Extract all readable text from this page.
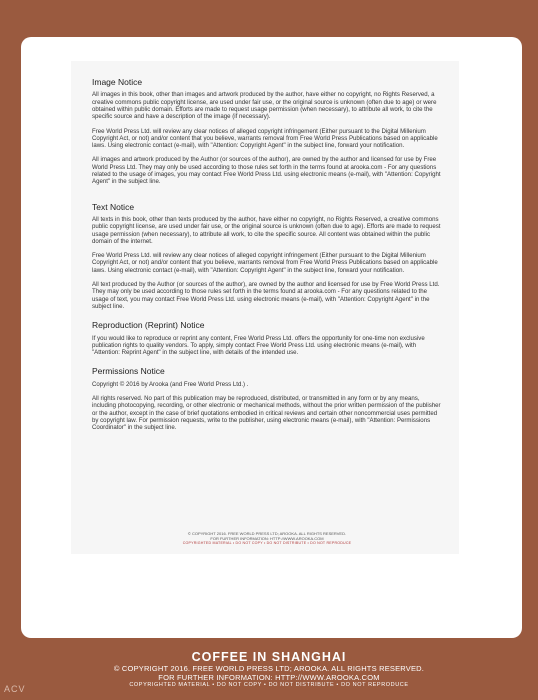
Image Notice

All images in this book, other than images and artwork produced by the author, have either no copyright, no Rights Reserved, a creative commons public copyright license, are used under fair use, or the original source is unknown (often due to age) or were obtained within public domain. Efforts are made to request usage permission (when necessary), to attribute all work, to cite the specific source and have a description of the image (if necessary).

Free World Press Ltd. will review any clear notices of alleged copyright infringement (Either pursuant to the Digital Millenium Copyright Act, or not) and/or content that you believe, warrants removal from Free World Press Publications based on applicable laws. Using electronic contact (e-mail), with "Attention: Copyright Agent" in the subject line, forward your notification.

All images and artwork produced by the Author (or sources of the author), are owned by the author and licensed for use by Free World Press Ltd. They may only be used according to those rules set forth in the terms found at arooka.com - For any questions related to the usage of images, you may contact Free World Press Ltd. using electronic means (e-mail), with "Attention: Copyright Agent" in the subject line.

Text Notice

All texts in this book, other than texts produced by the author, have either no copyright, no Rights Reserved, a creative commons public copyright license, are used under fair use, or the original source is unknown (often due to age). Efforts are made to request usage permission (when necessary), to attribute all work, to cite the specific source. All content was obtained within the public domain of the internet.

Free World Press Ltd. will review any clear notices of alleged copyright infringement (Either pursuant to the Digital Millenium Copyright Act, or not) and/or content that you believe, warrants removal from Free World Press Publications based on applicable laws. Using electronic contact (e-mail), with "Attention: Copyright Agent" in the subject line, forward your notification.

All text produced by the Author (or sources of the author), are owned by the author and licensed for use by Free World Press Ltd. They may only be used according to those rules set forth in the terms found at arooka.com - For any questions related to the usage of text, you may contact Free World Press Ltd. using electronic means (e-mail), with "Attention: Copyright Agent" in the subject line.

Reproduction (Reprint) Notice

If you would like to reproduce or reprint any content, Free World Press Ltd. offers the opportunity for one-time non exclusive publication rights to quality vendors. To apply, simply contact Free World Press Ltd. using electronic means (e-mail), with "Attention: Reprint Agent" in the subject line, with details of the intended use.

Permissions Notice

Copyright © 2016 by Arooka (and Free World Press Ltd.) .

All rights reserved. No part of this publication may be reproduced, distributed, or transmitted in any form or by any means, including photocopying, recording, or other electronic or mechanical methods, without the prior written permission of the publisher or the author, except in the case of brief quotations embodied in critical reviews and certain other noncommercial uses permitted by copyright law. For permission requests, write to the publisher, using electronic means (e-mail), with "Attention: Permissions Coordinator" in the subject line.

© COPYRIGHT 2016. FREE WORLD PRESS LTD; AROOKA. ALL RIGHTS RESERVED.
FOR FURTHER INFORMATION: HTTP://WWW.AROOKA.COM
COPYRIGHTED MATERIAL • DO NOT COPY • DO NOT DISTRIBUTE • DO NOT REPRODUCE
COFFEE IN SHANGHAI
© COPYRIGHT 2016. FREE WORLD PRESS LTD; AROOKA. ALL RIGHTS RESERVED.
FOR FURTHER INFORMATION: HTTP://WWW.AROOKA.COM
COPYRIGHTED MATERIAL • DO NOT COPY • DO NOT DISTRIBUTE • DO NOT REPRODUCE
ACV
